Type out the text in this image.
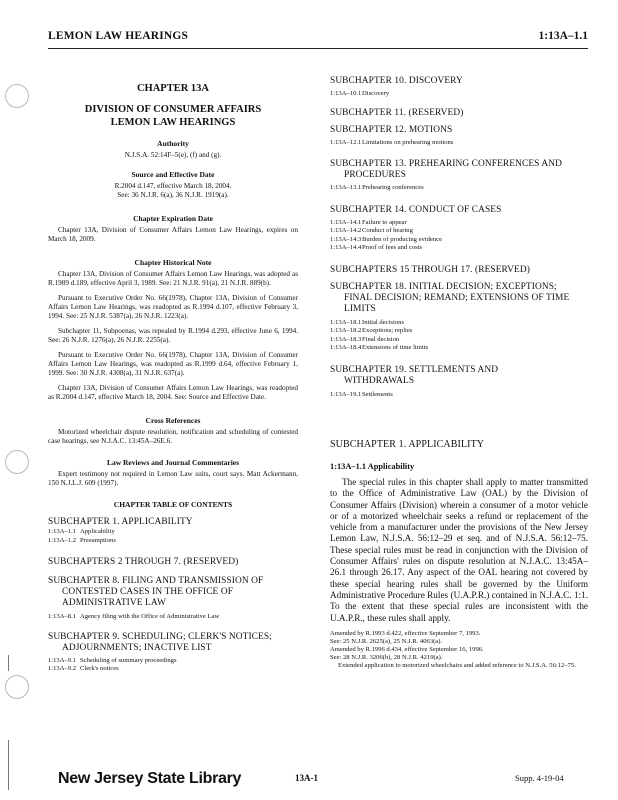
LEMON LAW HEARINGS	1:13A–1.1
CHAPTER 13A
DIVISION OF CONSUMER AFFAIRS
LEMON LAW HEARINGS
Authority

N.J.S.A. 52:14F–5(e), (f) and (g).

Source and Effective Date

R.2004 d.147, effective March 18, 2004.

See: 36 N.J.R. 6(a), 36 N.J.R. 1919(a).

Chapter Expiration Date

Chapter 13A, Division of Consumer Affairs Lemon Law Hearings, expires on March 18, 2009.

Chapter Historical Note

Chapter 13A, Division of Consumer Affairs Lemon Law Hearings, was adopted as R.1989 d.189, effective April 3, 1989. See: 21 N.J.R. 91(a), 21 N.J.R. 889(b).

Pursuant to Executive Order No. 66(1978), Chapter 13A, Division of Consumer Affairs Lemon Law Hearings, was readopted as R.1994 d.107, effective February 3, 1994. See: 25 N.J.R. 5387(a), 26 N.J.R. 1223(a).

Subchapter 11, Subpoenas, was repealed by R.1994 d.293, effective June 6, 1994. See: 26 N.J.R. 1276(a), 26 N.J.R. 2255(a).

Pursuant to Executive Order No. 66(1978), Chapter 13A, Division of Consumer Affairs Lemon Law Hearings, was readopted as R.1999 d.64, effective February 1, 1999. See: 30 N.J.R. 4308(a), 31 N.J.R. 637(a).

Chapter 13A, Division of Consumer Affairs Lemon Law Hearings, was readopted as R.2004 d.147, effective March 18, 2004. See: Source and Effective Date.

Cross References

Motorized wheelchair dispute resolution, notification and scheduling of contested case hearings, see N.J.A.C. 13:45A–26E.6.

Law Reviews and Journal Commentaries

Expert testimony not required in Lemon Law suits, court says. Matt Ackermann, 150 N.J.L.J. 609 (1997).

CHAPTER TABLE OF CONTENTS
SUBCHAPTER 1. APPLICABILITY
1:13A–1.1 Applicability
1:13A–1.2 Presumptions
SUBCHAPTERS 2 THROUGH 7. (RESERVED)
SUBCHAPTER 8. FILING AND TRANSMISSION OF
CONTESTED CASES IN THE OFFICE OF ADMINISTRATIVE LAW
1:13A–8.1 Agency filing with the Office of Administrative Law
SUBCHAPTER 9. SCHEDULING; CLERK'S NOTICES;
ADJOURNMENTS; INACTIVE LIST
1:13A–9.1 Scheduling of summary proceedings
1:13A–9.2 Clerk's notices
SUBCHAPTER 10. DISCOVERY
1:13A–10.1 Discovery
SUBCHAPTER 11. (RESERVED)
SUBCHAPTER 12. MOTIONS
1:13A–12.1 Limitations on prehearing motions
SUBCHAPTER 13. PREHEARING CONFERENCES AND
PROCEDURES
1:13A–13.1 Prehearing conferences
SUBCHAPTER 14. CONDUCT OF CASES
1:13A–14.1 Failure to appear
1:13A–14.2 Conduct of hearing
1:13A–14.3 Burden of producing evidence
1:13A–14.4 Proof of fees and costs
SUBCHAPTERS 15 THROUGH 17. (RESERVED)
SUBCHAPTER 18. INITIAL DECISION; EXCEPTIONS;
FINAL DECISION; REMAND; EXTENSIONS OF TIME LIMITS
1:13A–18.1 Initial decisions
1:13A–18.2 Exceptions; replies
1:13A–18.3 Final decision
1:13A–18.4 Extensions of time limits
SUBCHAPTER 19. SETTLEMENTS AND
WITHDRAWALS
1:13A–19.1 Settlements
SUBCHAPTER 1. APPLICABILITY
1:13A–1.1 Applicability
The special rules in this chapter shall apply to matter transmitted to the Office of Administrative Law (OAL) by the Division of Consumer Affairs (Division) wherein a consumer of a motor vehicle or of a motorized wheelchair seeks a refund or replacement of the vehicle from a manufacturer under the provisions of the New Jersey Lemon Law, N.J.S.A. 56:12–29 et seq. and of N.J.S.A. 56:12–75. These special rules must be read in conjunction with the Division of Consumer Affairs' rules on dispute resolution at N.J.A.C. 13:45A–26.1 through 26.17. Any aspect of the OAL hearing not covered by these special hearing rules shall be governed by the Uniform Administrative Procedure Rules (U.A.P.R.) contained in N.J.A.C. 1:1. To the extent that these special rules are inconsistent with the U.A.P.R., these rules shall apply.

Amended by R.1993 d.422, effective September 7, 1993.

See: 25 N.J.R. 2625(a), 25 N.J.R. 4063(a).

Amended by R.1996 d.434, effective September 16, 1996.

See: 28 N.J.R. 3206(b), 28 N.J.R. 4219(a).

Extended application to motorized wheelchairs and added reference to N.J.S.A. 56:12–75.

New Jersey State Library	13A-1	Supp. 4-19-04
